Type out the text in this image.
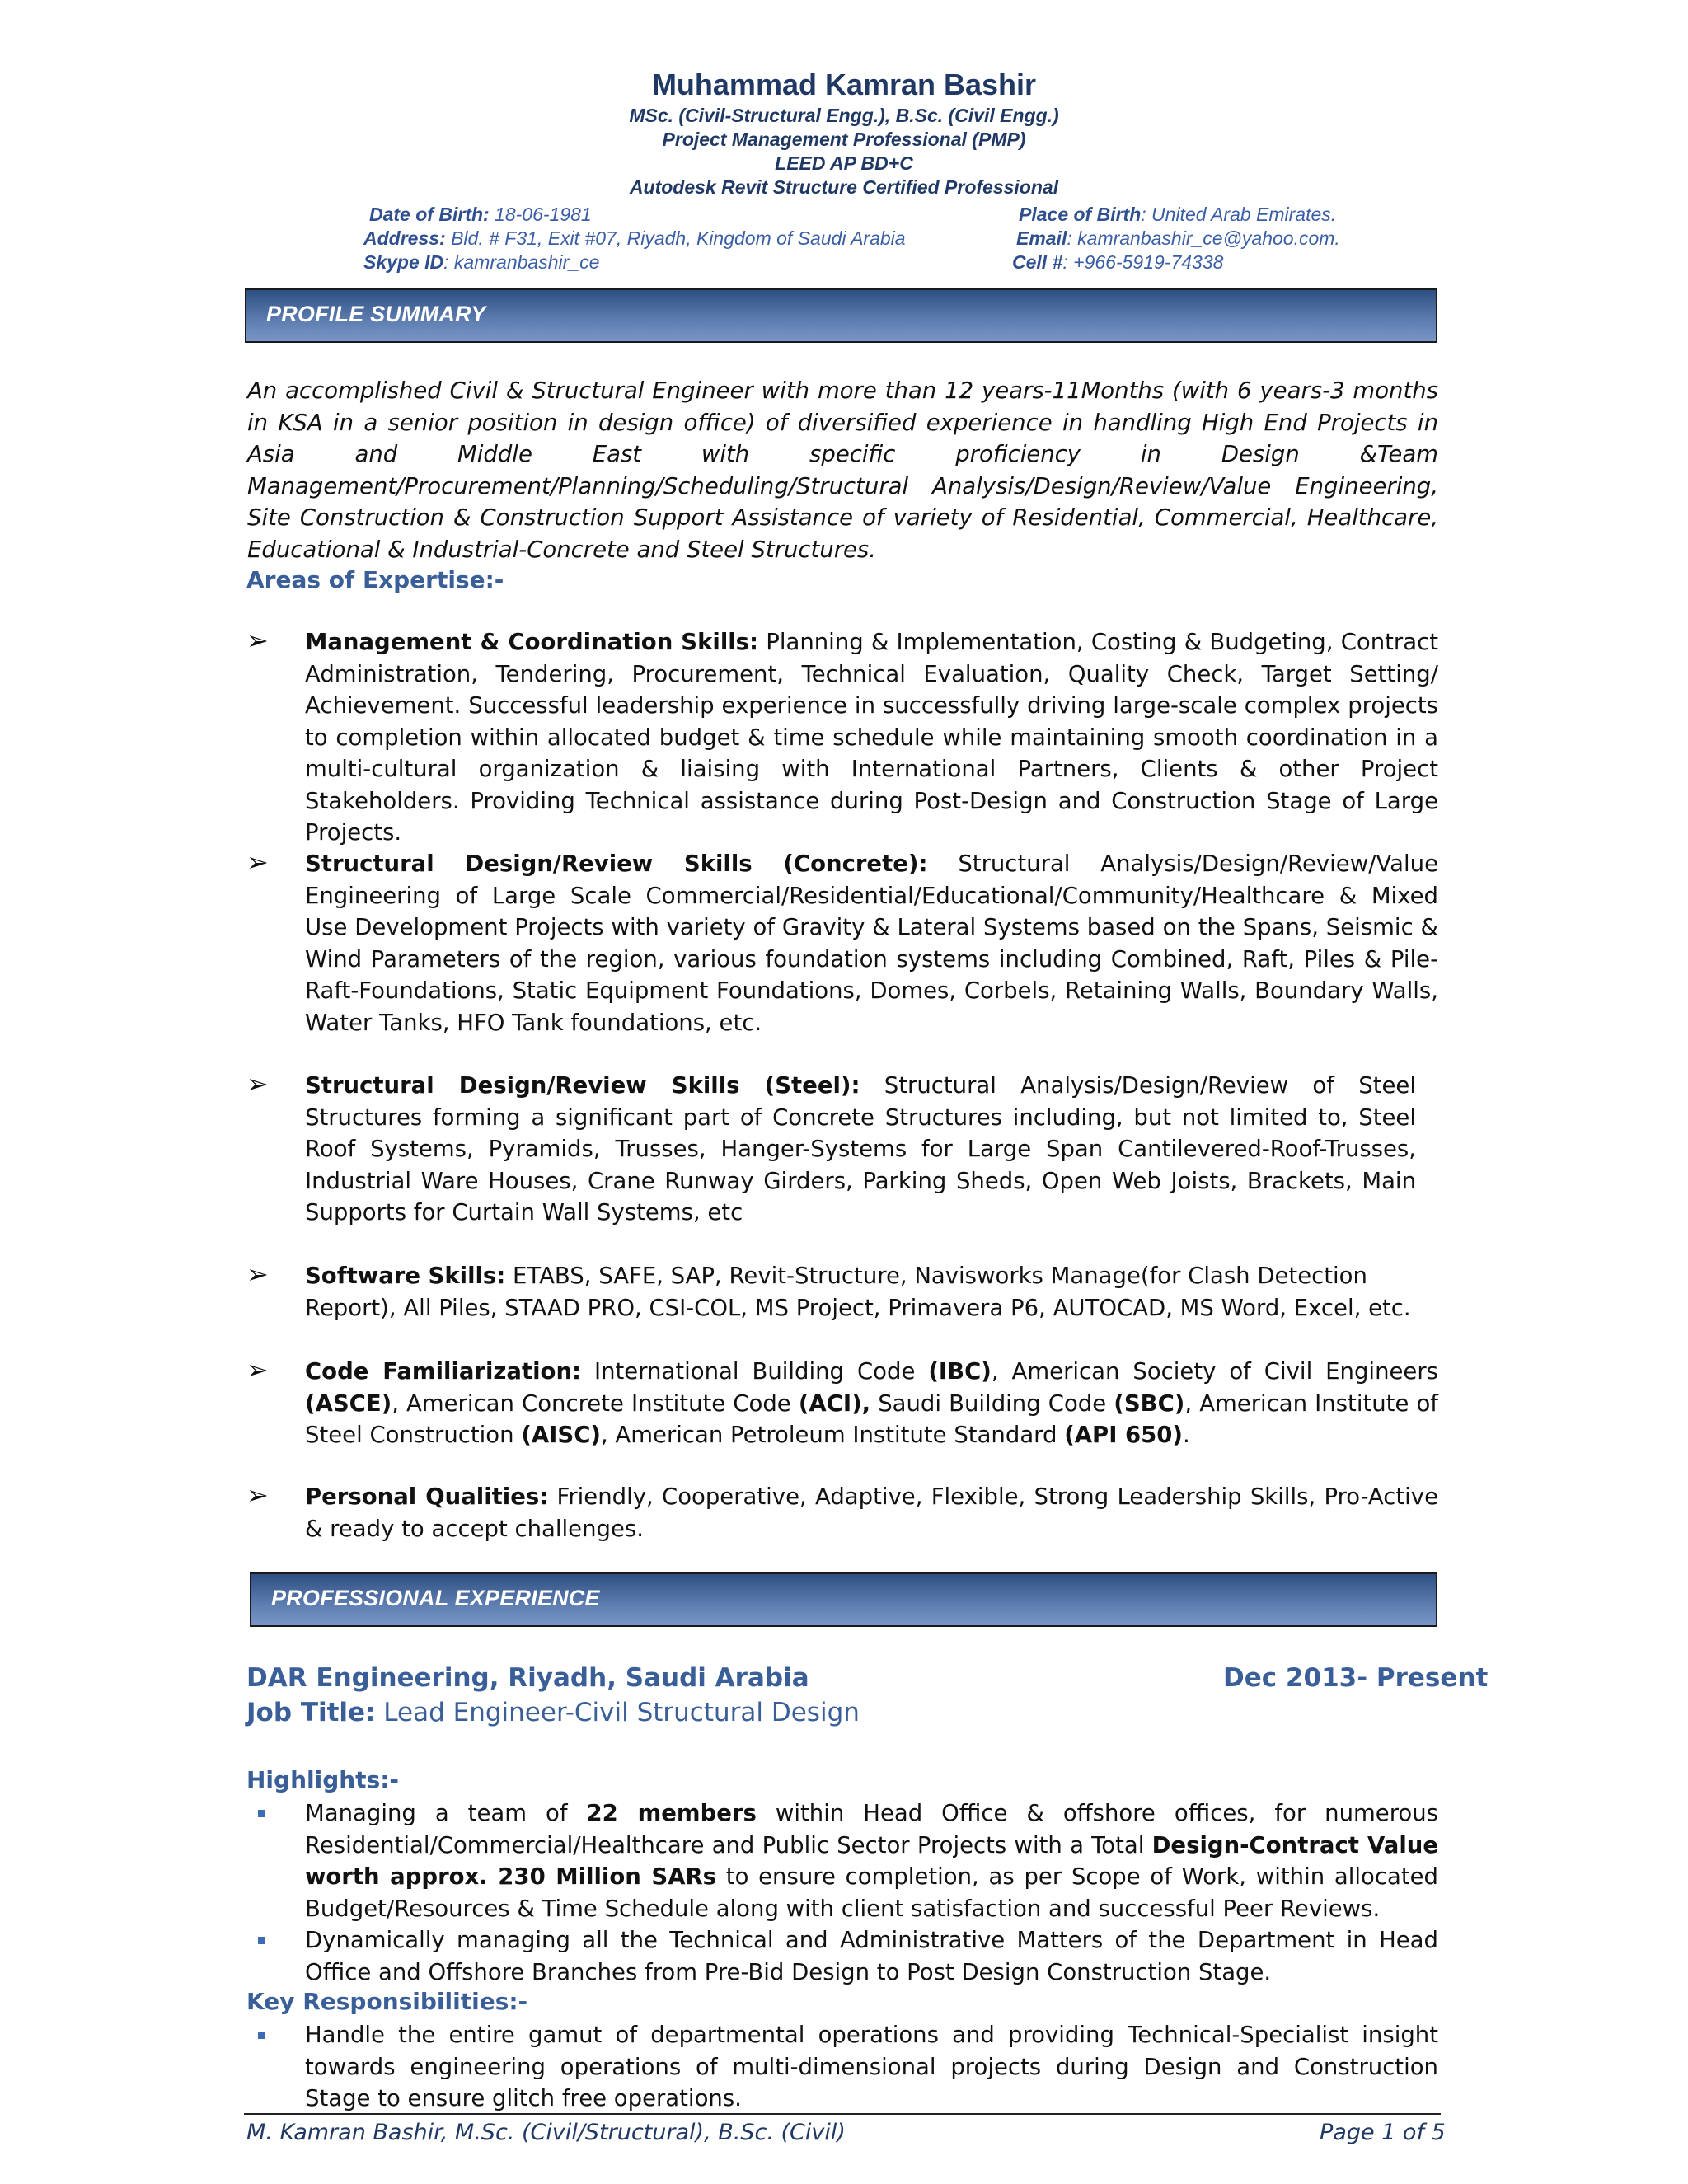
Muhammad Kamran Bashir
MSc. (Civil-Structural Engg.), B.Sc. (Civil Engg.)
Project Management Professional (PMP)
LEED AP BD+C
Autodesk Revit Structure Certified Professional
Date of Birth: 18-06-1981	Place of Birth: United Arab Emirates.
Address: Bld. # F31, Exit #07, Riyadh, Kingdom of Saudi Arabia	Email: kamranbashir_ce@yahoo.com.
Skype ID: kamranbashir_ce	Cell #: +966-5919-74338
PROFILE SUMMARY
An accomplished Civil & Structural Engineer with more than 12 years-11Months (with 6 years-3 months in KSA in a senior position in design office) of diversified experience in handling High End Projects in Asia and Middle East with specific proficiency in Design &Team Management/Procurement/Planning/Scheduling/Structural Analysis/Design/Review/Value Engineering, Site Construction & Construction Support Assistance of variety of Residential, Commercial, Healthcare, Educational & Industrial-Concrete and Steel Structures.
Areas of Expertise:-
➢ Management & Coordination Skills: Planning & Implementation, Costing & Budgeting, Contract Administration, Tendering, Procurement, Technical Evaluation, Quality Check, Target Setting/ Achievement. Successful leadership experience in successfully driving large-scale complex projects to completion within allocated budget & time schedule while maintaining smooth coordination in a multi-cultural organization & liaising with International Partners, Clients & other Project Stakeholders. Providing Technical assistance during Post-Design and Construction Stage of Large Projects.
➢ Structural Design/Review Skills (Concrete): Structural Analysis/Design/Review/Value Engineering of Large Scale Commercial/Residential/Educational/Community/Healthcare & Mixed Use Development Projects with variety of Gravity & Lateral Systems based on the Spans, Seismic & Wind Parameters of the region, various foundation systems including Combined, Raft, Piles & Pile-Raft-Foundations, Static Equipment Foundations, Domes, Corbels, Retaining Walls, Boundary Walls, Water Tanks, HFO Tank foundations, etc.
➢ Structural Design/Review Skills (Steel): Structural Analysis/Design/Review of Steel Structures forming a significant part of Concrete Structures including, but not limited to, Steel Roof Systems, Pyramids, Trusses, Hanger-Systems for Large Span Cantilevered-Roof-Trusses, Industrial Ware Houses, Crane Runway Girders, Parking Sheds, Open Web Joists, Brackets, Main Supports for Curtain Wall Systems, etc
➢ Software Skills: ETABS, SAFE, SAP, Revit-Structure, Navisworks Manage(for Clash Detection Report), All Piles, STAAD PRO, CSI-COL, MS Project, Primavera P6, AUTOCAD, MS Word, Excel, etc.
➢ Code Familiarization: International Building Code (IBC), American Society of Civil Engineers (ASCE), American Concrete Institute Code (ACI), Saudi Building Code (SBC), American Institute of Steel Construction (AISC), American Petroleum Institute Standard (API 650).
➢ Personal Qualities: Friendly, Cooperative, Adaptive, Flexible, Strong Leadership Skills, Pro-Active & ready to accept challenges.
PROFESSIONAL EXPERIENCE
DAR Engineering, Riyadh, Saudi Arabia	Dec 2013- Present
Job Title: Lead Engineer-Civil Structural Design
Highlights:-
Managing a team of 22 members within Head Office & offshore offices, for numerous Residential/Commercial/Healthcare and Public Sector Projects with a Total Design-Contract Value worth approx. 230 Million SARs to ensure completion, as per Scope of Work, within allocated Budget/Resources & Time Schedule along with client satisfaction and successful Peer Reviews.
Dynamically managing all the Technical and Administrative Matters of the Department in Head Office and Offshore Branches from Pre-Bid Design to Post Design Construction Stage.
Key Responsibilities:-
Handle the entire gamut of departmental operations and providing Technical-Specialist insight towards engineering operations of multi-dimensional projects during Design and Construction Stage to ensure glitch free operations.
M. Kamran Bashir, M.Sc. (Civil/Structural), B.Sc. (Civil)	Page 1 of 5
